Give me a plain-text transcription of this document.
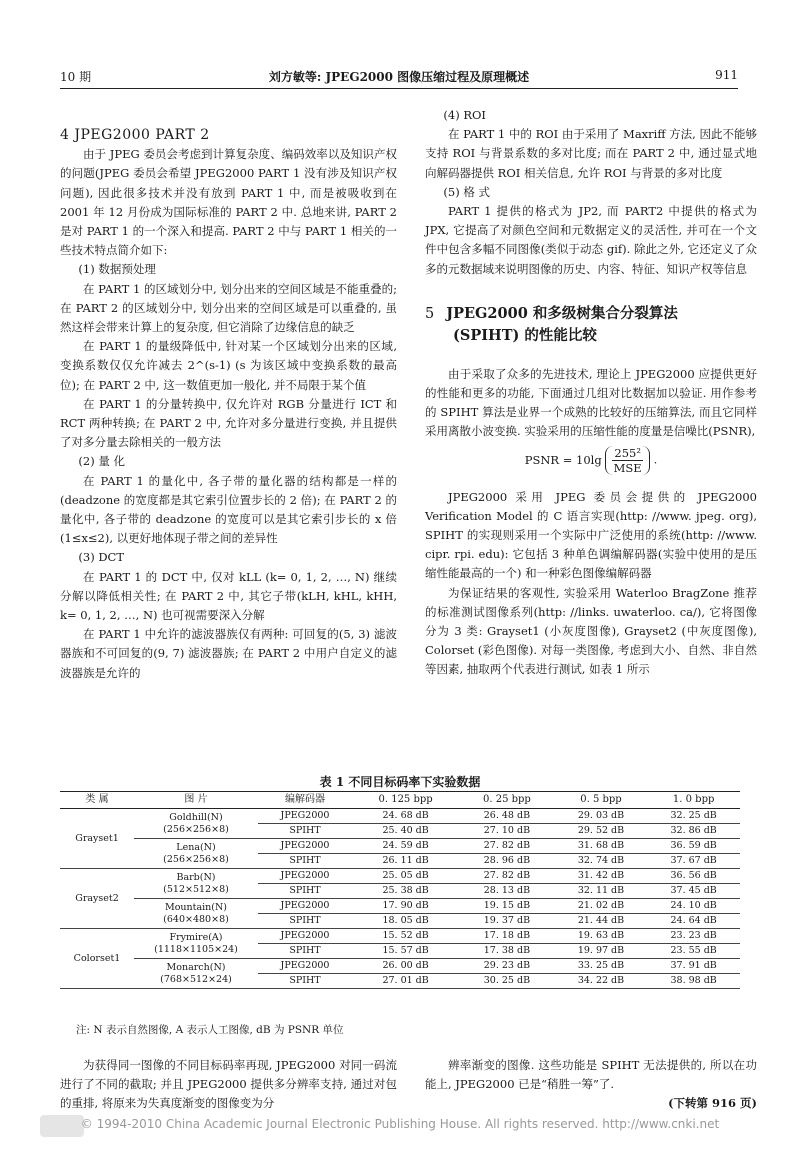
10 期	刘方敏等: JPEG2000 图像压缩过程及原理概述	911

4 JPEG2000 PART 2

由于 JPEG 委员会考虑到计算复杂度、编码效率以及知识产权的问题(JPEG 委员会希望 JPEG2000 PART 1 没有涉及知识产权问题), 因此很多技术并没有放到 PART 1 中, 而是被吸收到在 2001 年 12 月份成为国际标准的 PART 2 中. 总地来讲, PART 2 是对 PART 1 的一个深入和提高. PART 2 中与 PART 1 相关的一些技术特点简介如下:

(1) 数据预处理

在 PART 1 的区域划分中, 划分出来的空间区域是不能重叠的; 在 PART 2 的区域划分中, 划分出来的空间区域是可以重叠的, 虽然这样会带来计算上的复杂度, 但它消除了边缘信息的缺乏

在 PART 1 的量级降低中, 针对某一个区域划分出来的区域, 变换系数仅仅允许减去 2^(s-1) (s 为该区域中变换系数的最高位); 在 PART 2 中, 这一数值更加一般化, 并不局限于某个值

在 PART 1 的分量转换中, 仅允许对 RGB 分量进行 ICT 和 RCT 两种转换; 在 PART 2 中, 允许对多分量进行变换, 并且提供了对多分量去除相关的一般方法

(2) 量 化

在 PART 1 的量化中, 各子带的量化器的结构都是一样的(deadzone 的宽度都是其它索引位置步长的 2 倍); 在 PART 2 的量化中, 各子带的 deadzone 的宽度可以是其它索引步长的 x 倍(1≤x≤2), 以更好地体现子带之间的差异性

(3) DCT

在 PART 1 的 DCT 中, 仅对 kLL (k= 0, 1, 2, …, N) 继续分解以降低相关性; 在 PART 2 中, 其它子带(kLH, kHL, kHH, k= 0, 1, 2, …, N) 也可视需要深入分解

在 PART 1 中允许的滤波器族仅有两种: 可回复的(5, 3) 滤波器族和不可回复的(9, 7) 滤波器族; 在 PART 2 中用户自定义的滤波器族是允许的

(4) ROI

在 PART 1 中的 ROI 由于采用了 Maxriff 方法, 因此不能够支持 ROI 与背景系数的多对比度; 而在 PART 2 中, 通过显式地向解码器提供 ROI 相关信息, 允许 ROI 与背景的多对比度

(5) 格 式

PART 1 提供的格式为 JP2, 而 PART2 中提供的格式为 JPX, 它提高了对颜色空间和元数据定义的灵活性, 并可在一个文件中包含多幅不同图像(类似于动态 gif). 除此之外, 它还定义了众多的元数据域来说明图像的历史、内容、特征、知识产权等信息

5 JPEG2000 和多级树集合分裂算法
(SPIHT) 的性能比较

由于采取了众多的先进技术, 理论上 JPEG2000 应提供更好的性能和更多的功能, 下面通过几组对比数据加以验证. 用作参考的 SPIHT 算法是业界一个成熟的比较好的压缩算法, 而且它同样采用离散小波变换. 实验采用的压缩性能的度量是信噪比(PSNR),

PSNR = $10\lg \frac{\text{255²}}{\text{MSE}}$ .

JPEG2000 采用 JPEG 委员会提供的 JPEG2000 Verification Model 的 C 语言实现(http: //www. jpeg. org), SPIHT 的实现则采用一个实际中广泛使用的系统(http: //www. cipr. rpi. edu): 它包括 3 种单色调编解码器(实验中使用的是压缩性能最高的一个) 和一种彩色图像编解码器

为保证结果的客观性, 实验采用 Waterloo BragZone 推荐的标准测试图像系列(http: //links. uwaterloo. ca/), 它将图像分为 3 类: Grayset1 (小灰度图像), Grayset2 (中灰度图像), Colorset (彩色图像). 对每一类图像, 考虑到大小、自然、非自然等因素, 抽取两个代表进行测试, 如表 1 所示

表 1 不同目标码率下实验数据
类 属	图 片	编解码器	0. 125 bpp	0. 25 bpp	0. 5 bpp	1. 0 bpp
Grayset1	Goldhill(N)
(256×256×8)	JPEG2000	24. 68 dB	26. 48 dB	29. 03 dB	32. 25 dB
		SPIHT	25. 40 dB	27. 10 dB	29. 52 dB	32. 86 dB

	Lena(N)
(256×256×8)	JPEG2000	24. 59 dB	27. 82 dB	31. 68 dB	36. 59 dB
		SPIHT	26. 11 dB	28. 96 dB	32. 74 dB	37. 67 dB
Grayset2	Barb(N)
(512×512×8)	JPEG2000	25. 05 dB	27. 82 dB	31. 42 dB	36. 56 dB
		SPIHT	25. 38 dB	28. 13 dB	32. 11 dB	37. 45 dB

	Mountain(N)
(640×480×8)	JPEG2000	17. 90 dB	19. 15 dB	21. 02 dB	24. 10 dB
		SPIHT	18. 05 dB	19. 37 dB	21. 44 dB	24. 64 dB
Colorset1	Frymire(A)
(1118×1105×24)	JPEG2000	15. 52 dB	17. 18 dB	19. 63 dB	23. 23 dB
		SPIHT	15. 57 dB	17. 38 dB	19. 97 dB	23. 55 dB

	Monarch(N)
(768×512×24)	JPEG2000	26. 00 dB	29. 23 dB	33. 25 dB	37. 91 dB
		SPIHT	27. 01 dB	30. 25 dB	34. 22 dB	38. 98 dB
注: N 表示自然图像, A 表示人工图像, dB 为 PSNR 单位

为获得同一图像的不同目标码率再现, JPEG2000 对同一码流进行了不同的截取; 并且 JPEG2000 提供多分辨率支持, 通过对包的重排, 将原来为失真度渐变的图像变为分

辨率渐变的图像. 这些功能是 SPIHT 无法提供的, 所以在功能上, JPEG2000 已是“稍胜一筹”了.

(下转第 916 页)

© 1994-2010 China Academic Journal Electronic Publishing House. All rights reserved. http://www.cnki.net
